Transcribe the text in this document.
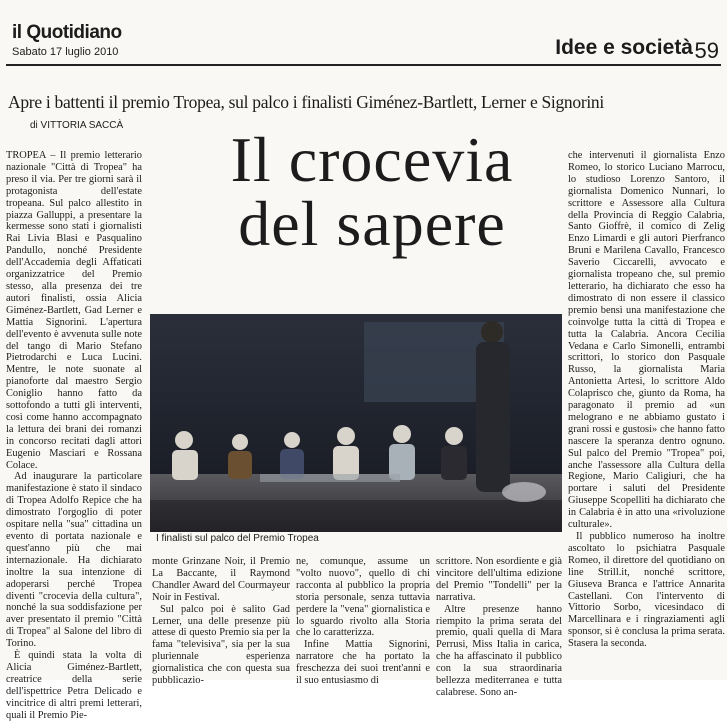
il Quotidiano
Sabato 17 luglio 2010	Idee e società 59
Apre i battenti il premio Tropea, sul palco i finalisti Giménez-Bartlett, Lerner e Signorini
di VITTORIA SACCÀ	Il crocevia
del sapere

TROPEA – Il premio letterario nazionale "Città di Tropea" ha preso il via. Per tre giorni sarà il protagonista dell'estate tropeana. Sul palco allestito in piazza Galluppi, a presentare la kermesse sono stati i giornalisti Rai Livia Blasi e Pasqualino Pandullo, nonché Presidente dell'Accademia degli Affaticati organizzatrice del Premio stesso, alla presenza dei tre autori finalisti, ossia Alicia Giménez-Bartlett, Gad Lerner e Mattia Signorini. L'apertura dell'evento è avvenuta sulle note del tango di Mario Stefano Pietrodarchi e Luca Lucini. Mentre, le note suonate al pianoforte dal maestro Sergio Coniglio hanno fatto da sottofondo a tutti gli interventi, così come hanno accompagnato la lettura dei brani dei romanzi in concorso recitati dagli attori Eugenio Masciari e Rossana Colace.

Ad inaugurare la particolare manifestazione è stato il sindaco di Tropea Adolfo Repice che ha dimostrato l'orgoglio di poter ospitare nella "sua" cittadina un evento di portata nazionale e quest'anno più che mai internazionale. Ha dichiarato inoltre la sua intenzione di adoperarsi perché Tropea diventi "crocevia della cultura", nonché la sua soddisfazione per aver presentato il premio "Città di Tropea" al Salone del libro di Torino.

È quindi stata la volta di Alicia Giménez-Bartlett, creatrice della serie dell'ispettrice Petra Delicado e vincitrice di altri premi letterari, quali il Premio Pie-

I finalisti sul palco del Premio Tropea

monte Grinzane Noir, il Premio La Baccante, il Raymond Chandler Award del Courmayeur Noir in Festival.

Sul palco poi è salito Gad Lerner, una delle presenze più attese di questo Premio sia per la fama "televisiva", sia per la sua pluriennale esperienza giornalistica che con questa sua pubblicazio-

ne, comunque, assume un "volto nuovo", quello di chi racconta al pubblico la propria storia personale, senza tuttavia perdere la "vena" giornalistica e lo sguardo rivolto alla Storia che lo caratterizza.

Infine Mattia Signorini, narratore che ha portato la freschezza dei suoi trent'anni e il suo entusiasmo di

scrittore. Non esordiente e già vincitore dell'ultima edizione del Premio "Tondelli" per la narrativa.

Altre presenze hanno riempito la prima serata del premio, quali quella di Mara Perrusi, Miss Italia in carica, che ha affascinato il pubblico con la sua straordinaria bellezza mediterranea e tutta calabrese. Sono an-

che intervenuti il giornalista Enzo Romeo, lo storico Luciano Marrocu, lo studioso Lorenzo Santoro, il giornalista Domenico Nunnari, lo scrittore e Assessore alla Cultura della Provincia di Reggio Calabria, Santo Gioffrè, il comico di Zelig Enzo Limardi e gli autori Pierfranco Bruni e Marilena Cavallo, Francesco Saverio Ciccarelli, avvocato e giornalista tropeano che, sul premio letterario, ha dichiarato che esso ha dimostrato di non essere il classico premio bensì una manifestazione che coinvolge tutta la città di Tropea e tutta la Calabria. Ancora Cecilia Vedana e Carlo Simonelli, entrambi scrittori, lo storico don Pasquale Russo, la giornalista Maria Antonietta Artesi, lo scrittore Aldo Colaprisco che, giunto da Roma, ha paragonato il premio ad «un melograno e ne abbiamo gustato i grani rossi e gustosi» che hanno fatto nascere la speranza dentro ognuno. Sul palco del Premio "Tropea" poi, anche l'assessore alla Cultura della Regione, Mario Caligiuri, che ha portare i saluti del Presidente Giuseppe Scopelliti ha dichiarato che in Calabria è in atto una «rivoluzione culturale».

Il pubblico numeroso ha inoltre ascoltato lo psichiatra Pasquale Romeo, il direttore del quotidiano on line Strill.it, nonché scrittore, Giuseva Branca e l'attrice Annarita Castellani. Con l'intervento di Vittorio Sorbo, vicesindaco di Marcellinara e i ringraziamenti agli sponsor, si è conclusa la prima serata. Stasera la seconda.
